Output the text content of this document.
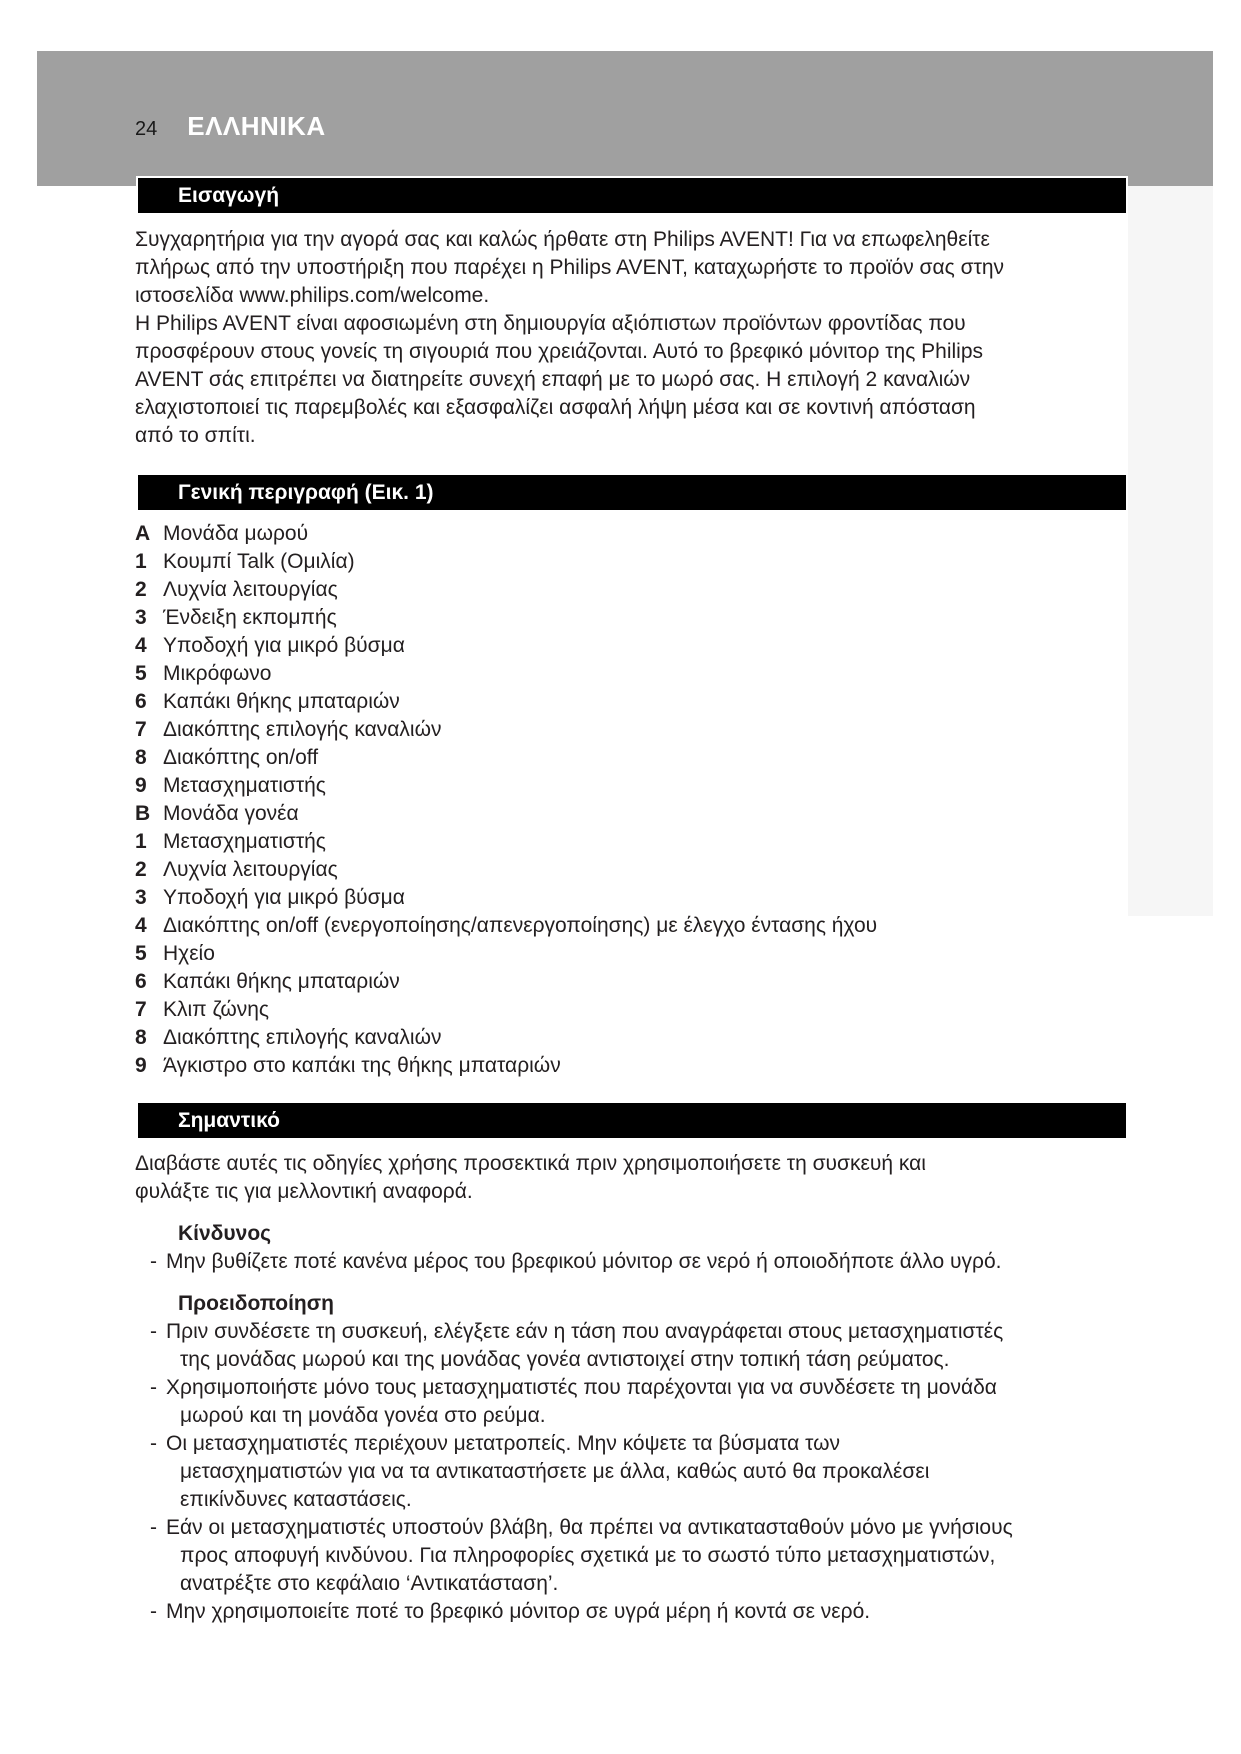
24 ΕΛΛΗΝΙΚΑ
Εισαγωγή
Συγχαρητήρια για την αγορά σας και καλώς ήρθατε στη Philips AVENT! Για να επωφεληθείτε
πλήρως από την υποστήριξη που παρέχει η Philips AVENT, καταχωρήστε το προϊόν σας στην
ιστοσελίδα www.philips.com/welcome.
Η Philips AVENT είναι αφοσιωμένη στη δημιουργία αξιόπιστων προϊόντων φροντίδας που
προσφέρουν στους γονείς τη σιγουριά που χρειάζονται. Αυτό το βρεφικό μόνιτορ της Philips
AVENT σάς επιτρέπει να διατηρείτε συνεχή επαφή με το μωρό σας. Η επιλογή 2 καναλιών
ελαχιστοποιεί τις παρεμβολές και εξασφαλίζει ασφαλή λήψη μέσα και σε κοντινή απόσταση
από το σπίτι.
Γενική περιγραφή (Εικ. 1)
A Μονάδα μωρού
1 Κουμπί Talk (Ομιλία)
2 Λυχνία λειτουργίας
3 Ένδειξη εκπομπής
4 Υποδοχή για μικρό βύσμα
5 Μικρόφωνο
6 Καπάκι θήκης μπαταριών
7 Διακόπτης επιλογής καναλιών
8 Διακόπτης on/off
9 Μετασχηματιστής
B Μονάδα γονέα
1 Μετασχηματιστής
2 Λυχνία λειτουργίας
3 Υποδοχή για μικρό βύσμα
4 Διακόπτης on/off (ενεργοποίησης/απενεργοποίησης) με έλεγχο έντασης ήχου
5 Ηχείο
6 Καπάκι θήκης μπαταριών
7 Κλιπ ζώνης
8 Διακόπτης επιλογής καναλιών
9 Άγκιστρο στο καπάκι της θήκης μπαταριών
Σημαντικό
Διαβάστε αυτές τις οδηγίες χρήσης προσεκτικά πριν χρησιμοποιήσετε τη συσκευή και
φυλάξτε τις για μελλοντική αναφορά.
Κίνδυνος
- Μην βυθίζετε ποτέ κανένα μέρος του βρεφικού μόνιτορ σε νερό ή οποιοδήποτε άλλο υγρό.
Προειδοποίηση
- Πριν συνδέσετε τη συσκευή, ελέγξετε εάν η τάση που αναγράφεται στους μετασχηματιστές
της μονάδας μωρού και της μονάδας γονέα αντιστοιχεί στην τοπική τάση ρεύματος.
- Χρησιμοποιήστε μόνο τους μετασχηματιστές που παρέχονται για να συνδέσετε τη μονάδα
μωρού και τη μονάδα γονέα στο ρεύμα.
- Οι μετασχηματιστές περιέχουν μετατροπείς. Μην κόψετε τα βύσματα των
μετασχηματιστών για να τα αντικαταστήσετε με άλλα, καθώς αυτό θα προκαλέσει
επικίνδυνες καταστάσεις.
- Εάν οι μετασχηματιστές υποστούν βλάβη, θα πρέπει να αντικατασταθούν μόνο με γνήσιους
προς αποφυγή κινδύνου. Για πληροφορίες σχετικά με το σωστό τύπο μετασχηματιστών,
ανατρέξτε στο κεφάλαιο ‘Αντικατάσταση’.
- Μην χρησιμοποιείτε ποτέ το βρεφικό μόνιτορ σε υγρά μέρη ή κοντά σε νερό.
